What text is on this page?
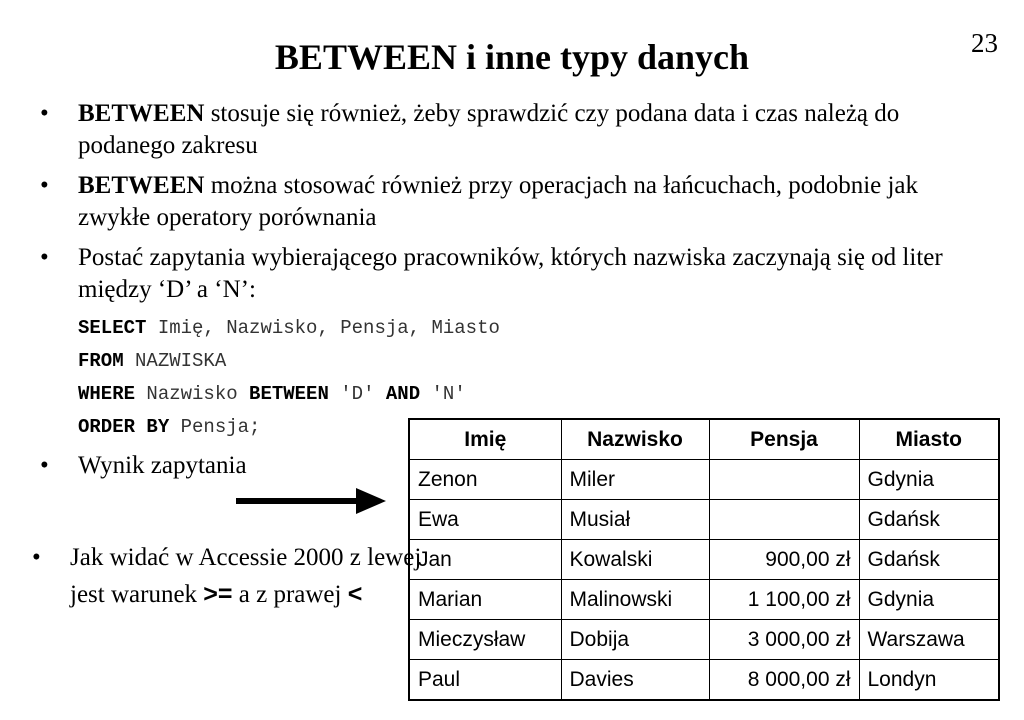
23
BETWEEN i inne typy danych
• BETWEEN stosuje się również, żeby sprawdzić czy podana data i czas należą do podanego zakresu
• BETWEEN można stosować również przy operacjach na łańcuchach, podobnie jak zwykłe operatory porównania
• Postać zapytania wybierającego pracowników, których nazwiska zaczynają się od liter między ‘D’ a ‘N’:
SELECT Imię, Nazwisko, Pensja, Miasto
FROM NAZWISKA
WHERE Nazwisko BETWEEN 'D' AND 'N'
ORDER BY Pensja;
• Wynik zapytania
• Jak widać w Accessie 2000 z lewej jest warunek >= a z prawej <
Imię	Nazwisko	Pensja	Miasto
Zenon	Miler		Gdynia
Ewa	Musiał		Gdańsk
Jan	Kowalski	900,00 zł	Gdańsk
Marian	Malinowski	1 100,00 zł	Gdynia
Mieczysław	Dobija	3 000,00 zł	Warszawa
Paul	Davies	8 000,00 zł	Londyn
